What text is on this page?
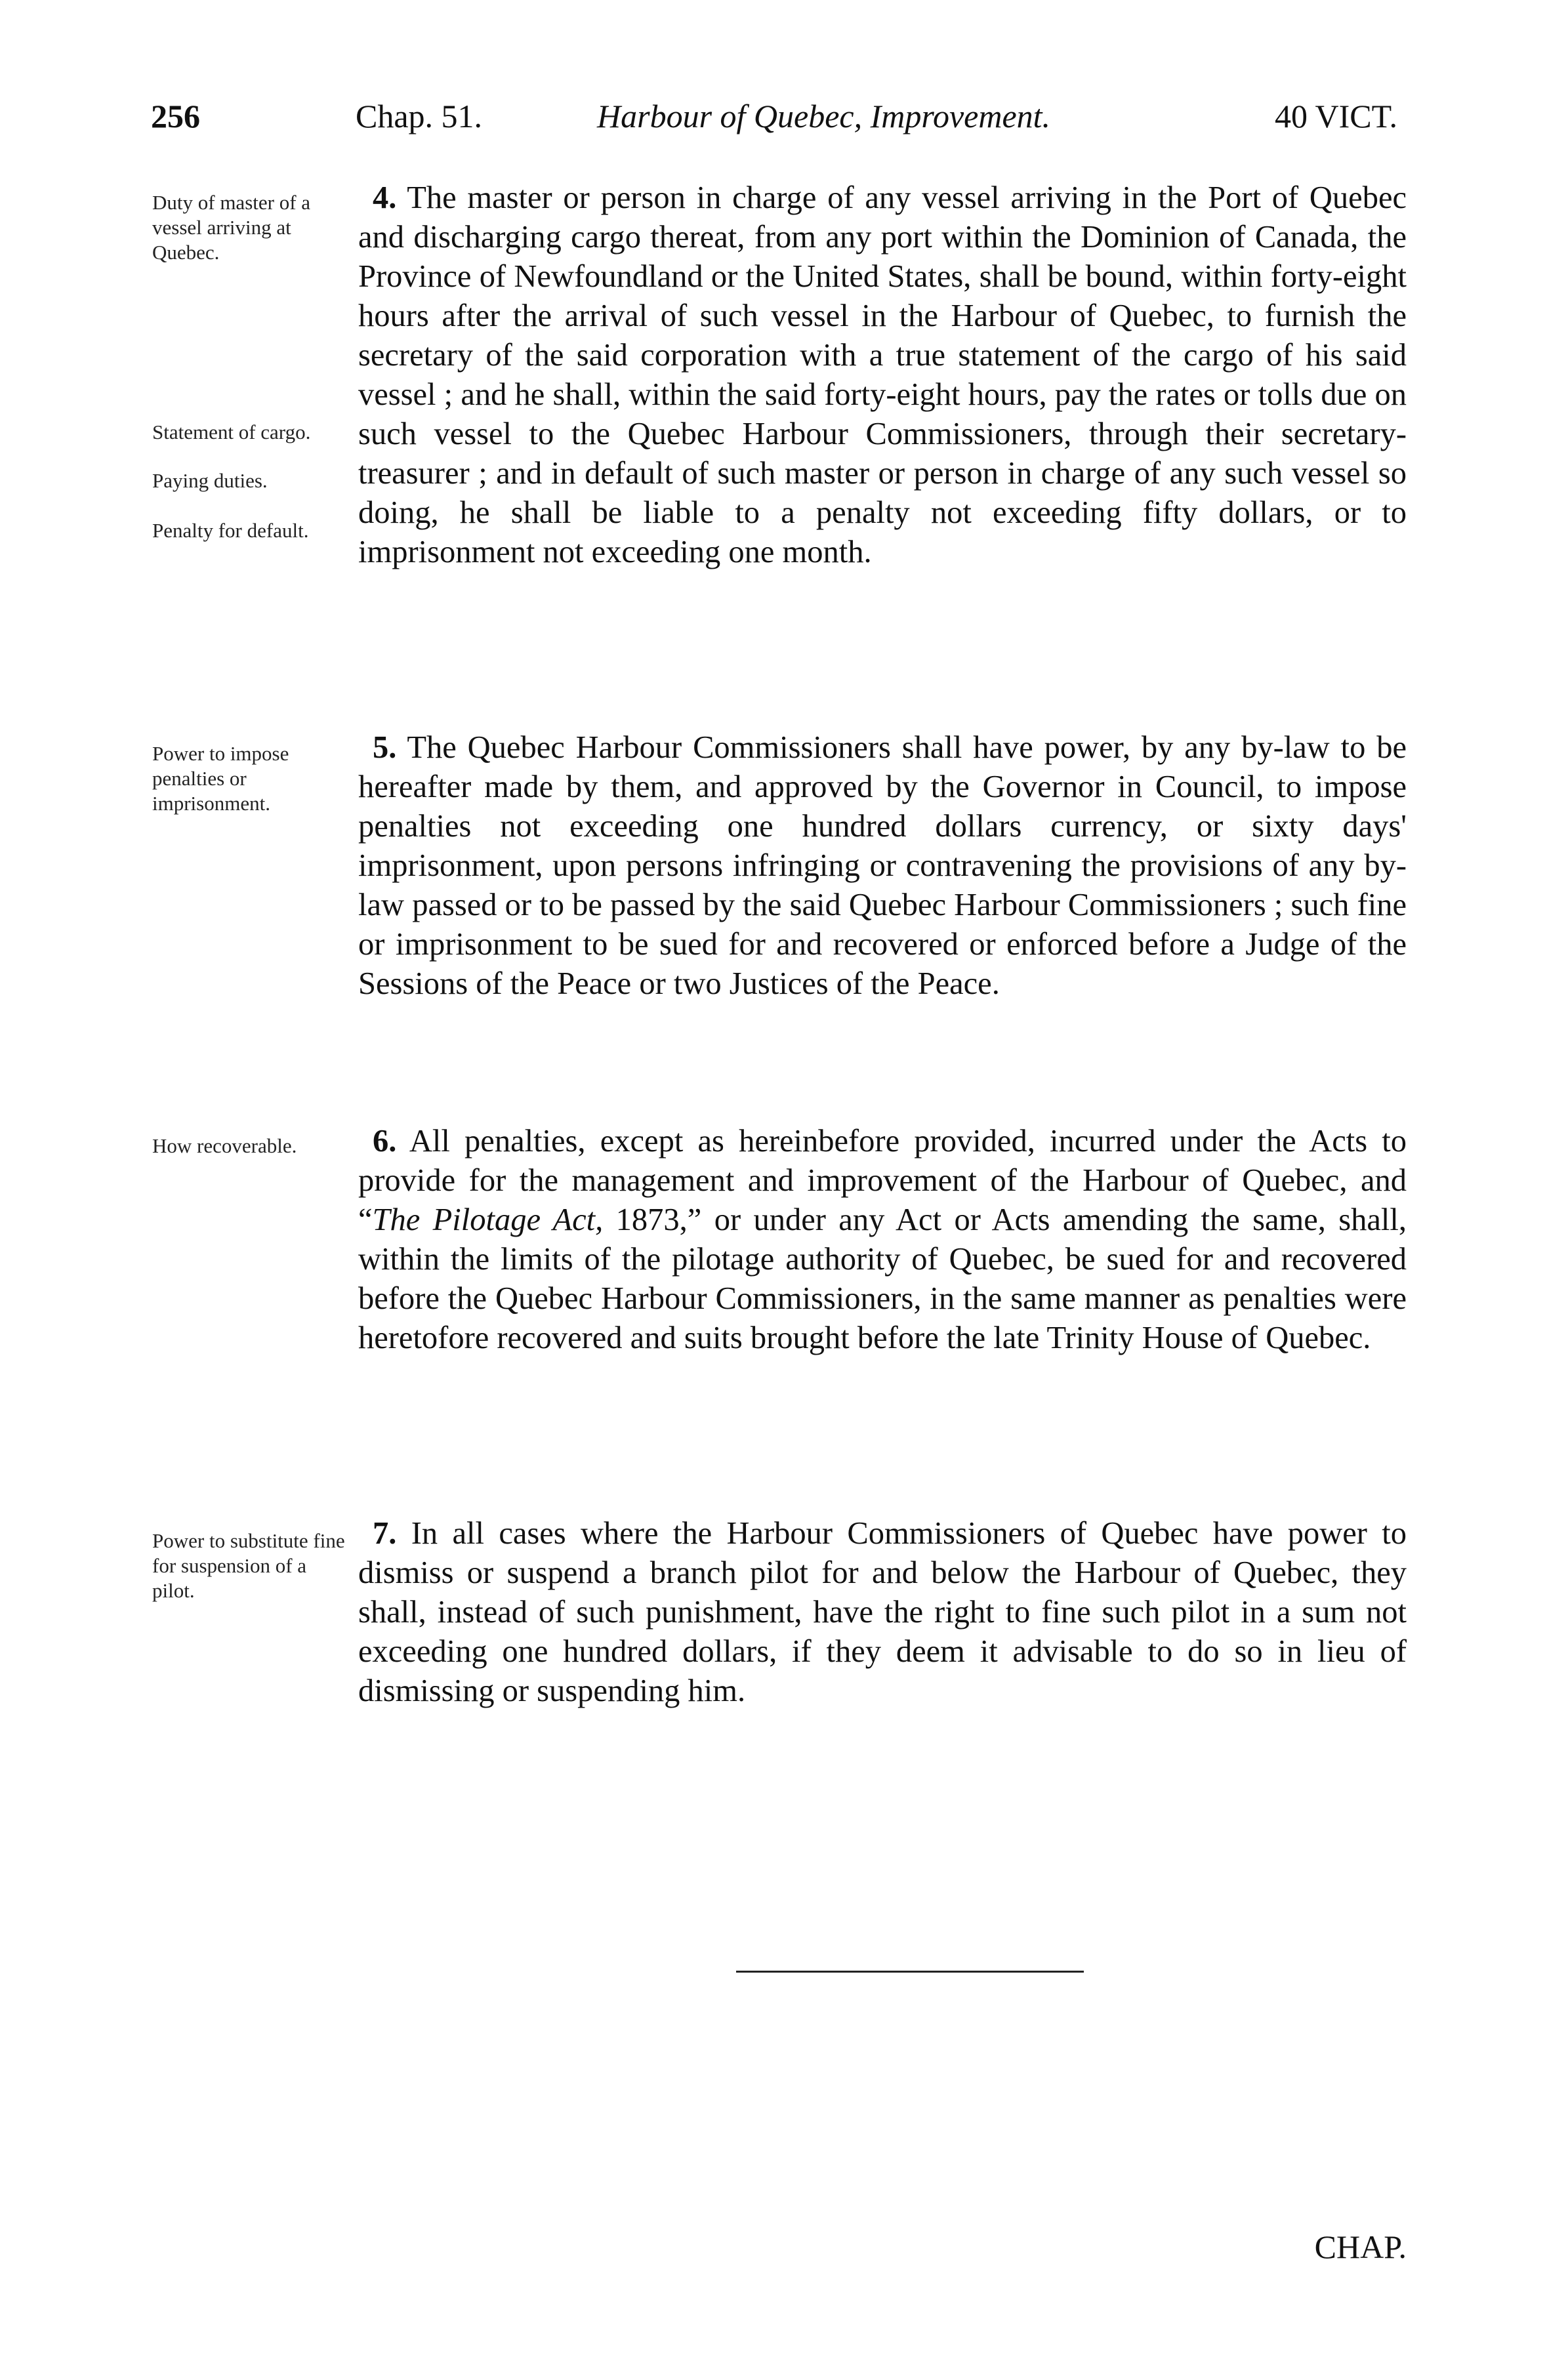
256	Chap. 51.	Harbour of Quebec, Improvement.	40 VICT.
Duty of master of a vessel arriving at Quebec.
Statement of cargo.
Paying duties.
Penalty for default.
4. The master or person in charge of any vessel arriving in the Port of Quebec and discharging cargo thereat, from any port within the Dominion of Canada, the Province of Newfoundland or the United States, shall be bound, within forty-eight hours after the arrival of such vessel in the Harbour of Quebec, to furnish the secretary of the said corporation with a true statement of the cargo of his said vessel ; and he shall, within the said forty-eight hours, pay the rates or tolls due on such vessel to the Quebec Harbour Commissioners, through their secretary-treasurer ; and in default of such master or person in charge of any such vessel so doing, he shall be liable to a penalty not exceeding fifty dollars, or to imprisonment not exceeding one month.
Power to impose penalties or imprisonment.
5. The Quebec Harbour Commissioners shall have power, by any by-law to be hereafter made by them, and approved by the Governor in Council, to impose penalties not exceeding one hundred dollars currency, or sixty days' imprisonment, upon persons infringing or contravening the provisions of any by-law passed or to be passed by the said Quebec Harbour Commissioners ; such fine or imprisonment to be sued for and recovered or enforced before a Judge of the Sessions of the Peace or two Justices of the Peace.
How recoverable.	6. All penalties, except as hereinbefore provided, incurred under the Acts to provide for the management and improvement of the Harbour of Quebec, and “The Pilotage Act, 1873,” or under any Act or Acts amending the same, shall, within the limits of the pilotage authority of Quebec, be sued for and recovered before the Quebec Harbour Commissioners, in the same manner as penalties were heretofore recovered and suits brought before the late Trinity House of Quebec.
Power to substitute fine for suspension of a pilot.
7. In all cases where the Harbour Commissioners of Quebec have power to dismiss or suspend a branch pilot for and below the Harbour of Quebec, they shall, instead of such punishment, have the right to fine such pilot in a sum not exceeding one hundred dollars, if they deem it advisable to do so in lieu of dismissing or suspending him.
CHAP.
